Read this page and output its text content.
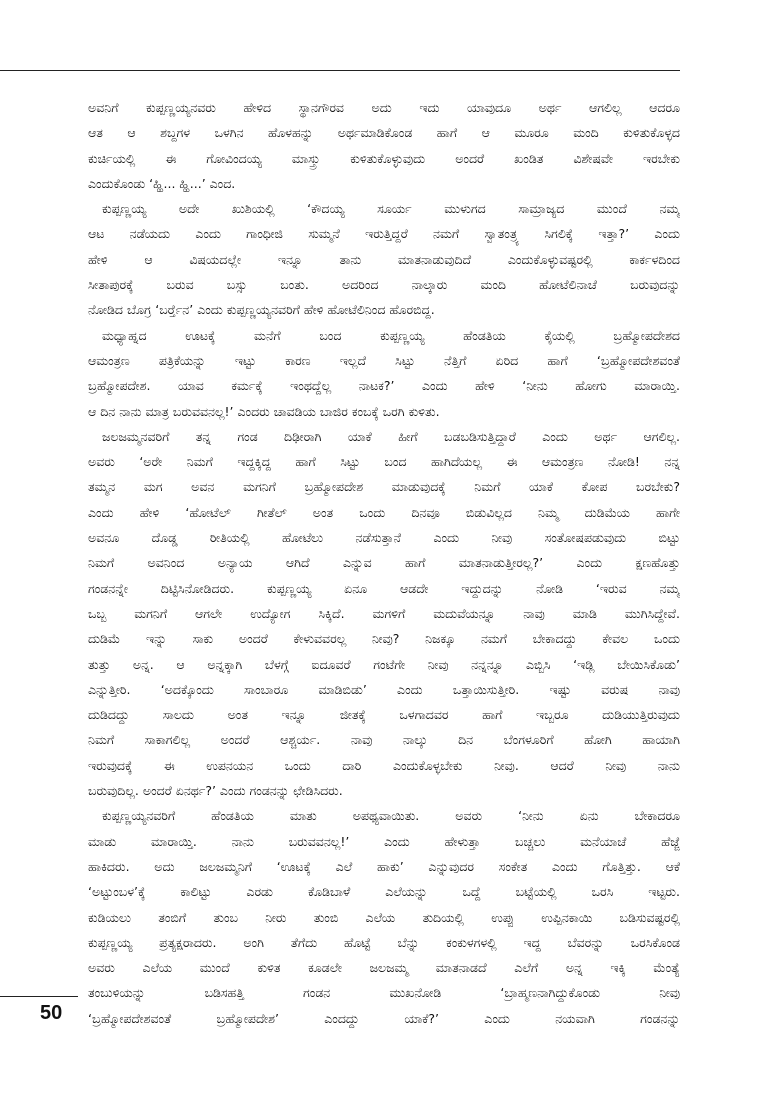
ಅವನಿಗೆ ಕುಪ್ಪಣ್ಣಯ್ಯನವರು ಹೇಳಿದ ಸ್ಥಾನಗೌರವ ಅದು ಇದು ಯಾವುದೂ ಅರ್ಥ ಆಗಲಿಲ್ಲ ಆದರೂ
ಆತ ಆ ಶಬ್ದಗಳ ಒಳಗಿನ ಹೊಳಹನ್ನು ಅರ್ಥಮಾಡಿಕೊಂಡ ಹಾಗೆ ಆ ಮೂರೂ ಮಂದಿ ಕುಳಿತುಕೊಳ್ಳದ
ಕುರ್ಚಿಯಲ್ಲಿ ಈ ಗೋವಿಂದಯ್ಯ ಮಾಸ್ತ್ರು ಕುಳಿತುಕೊಳ್ಳುವುದು ಅಂದರೆ ಖಂಡಿತ ವಿಶೇಷವೇ ಇರಬೇಕು
ಎಂದುಕೊಂಡು ‘ಹ್ಹಿ... ಹ್ಹಿ...’ ಎಂದ.
ಕುಪ್ಪಣ್ಣಯ್ಯ ಅದೇ ಖುಶಿಯಲ್ಲಿ ‘ಕೌದಯ್ಯ ಸೂರ್ಯ ಮುಳುಗದ ಸಾಮ್ರಾಜ್ಯದ ಮುಂದೆ ನಮ್ಮ
ಆಟ ನಡೆಯದು ಎಂದು ಗಾಂಧೀಜಿ ಸುಮ್ಮನೆ ಇರುತ್ತಿದ್ದರೆ ನಮಗೆ ಸ್ವಾತಂತ್ರ್ಯ ಸಿಗಲಿಕ್ಕೆ ಇತ್ತಾ?’ ಎಂದು
ಹೇಳಿ ಆ ವಿಷಯದಲ್ಲೇ ಇನ್ನೂ ತಾನು ಮಾತನಾಡುವುದಿದೆ ಎಂದುಕೊಳ್ಳುವಷ್ಟರಲ್ಲಿ ಕಾರ್ಕಳದಿಂದ
ಸೀತಾಪುರಕ್ಕೆ ಬರುವ ಬಸ್ಸು ಬಂತು. ಅದರಿಂದ ನಾಲ್ಕಾರು ಮಂದಿ ಹೋಟೆಲಿನಾಚೆ ಬರುವುದನ್ನು
ನೋಡಿದ ಬೊಗ್ರ ‘ಬರ್ರ್ತೆನ’ ಎಂದು ಕುಪ್ಪಣ್ಣಯ್ಯನವರಿಗೆ ಹೇಳಿ ಹೋಟೆಲಿನಿಂದ ಹೊರಬಿದ್ದ.
ಮಧ್ಯಾಹ್ನದ ಊಟಕ್ಕೆ ಮನೆಗೆ ಬಂದ ಕುಪ್ಪಣ್ಣಯ್ಯ ಹೆಂಡತಿಯ ಕೈಯಲ್ಲಿ ಬ್ರಹ್ಮೋಪದೇಶದ
ಆಮಂತ್ರಣ ಪತ್ರಿಕೆಯನ್ನು ಇಟ್ಟು ಕಾರಣ ಇಲ್ಲದೆ ಸಿಟ್ಟು ನೆತ್ತಿಗೆ ಏರಿದ ಹಾಗೆ ‘ಬ್ರಹ್ಮೋಪದೇಶವಂತೆ
ಬ್ರಹ್ಮೋಪದೇಶ. ಯಾವ ಕರ್ಮಕ್ಕೆ ಇಂಥದ್ದೆಲ್ಲ ನಾಟಕ?’ ಎಂದು ಹೇಳಿ ‘ನೀನು ಹೋಗು ಮಾರಾಯ್ತಿ.
ಆ ದಿನ ನಾನು ಮಾತ್ರ ಬರುವವನಲ್ಲ!’ ಎಂದರು ಚಾವಡಿಯ ಬಾಜಿರ ಕಂಬಕ್ಕೆ ಒರಗಿ ಕುಳಿತು.
ಜಲಜಮ್ಮನವರಿಗೆ ತನ್ನ ಗಂಡ ದಿಢೀರಾಗಿ ಯಾಕೆ ಹೀಗೆ ಬಡಬಡಿಸುತ್ತಿದ್ದಾರೆ ಎಂದು ಅರ್ಥ ಆಗಲಿಲ್ಲ.
ಅವರು ‘ಅರೇ ನಿಮಗೆ ಇದ್ದಕ್ಕಿದ್ದ ಹಾಗೆ ಸಿಟ್ಟು ಬಂದ ಹಾಗಿದೆಯಲ್ಲ ಈ ಆಮಂತ್ರಣ ನೋಡಿ! ನನ್ನ
ತಮ್ಮನ ಮಗ ಅವನ ಮಗನಿಗೆ ಬ್ರಹ್ಮೋಪದೇಶ ಮಾಡುವುದಕ್ಕೆ ನಿಮಗೆ ಯಾಕೆ ಕೋಪ ಬರಬೇಕು?
ಎಂದು ಹೇಳಿ ‘ಹೋಟೆಲ್ ಗೀತೆಲ್ ಅಂತ ಒಂದು ದಿನವೂ ಬಿಡುವಿಲ್ಲದ ನಿಮ್ಮ ದುಡಿಮೆಯ ಹಾಗೇ
ಅವನೂ ದೊಡ್ಡ ರೀತಿಯಲ್ಲಿ ಹೋಟೆಲು ನಡೆಸುತ್ತಾನೆ ಎಂದು ನೀವು ಸಂತೋಷಪಡುವುದು ಬಿಟ್ಟು
ನಿಮಗೆ ಅವನಿಂದ ಅನ್ಯಾಯ ಆಗಿದೆ ಎನ್ನುವ ಹಾಗೆ ಮಾತನಾಡುತ್ತೀರಲ್ಲ?’ ಎಂದು ಕ್ಷಣಹೊತ್ತು
ಗಂಡನನ್ನೇ ದಿಟ್ಟಿಸಿನೋಡಿದರು. ಕುಪ್ಪಣ್ಣಯ್ಯ ಏನೂ ಆಡದೇ ಇದ್ದುದನ್ನು ನೋಡಿ ‘ಇರುವ ನಮ್ಮ
ಒಬ್ಬ ಮಗನಿಗೆ ಆಗಲೇ ಉದ್ಯೋಗ ಸಿಕ್ಕಿದೆ. ಮಗಳಿಗೆ ಮದುವೆಯನ್ನೂ ನಾವು ಮಾಡಿ ಮುಗಿಸಿದ್ದೇವೆ.
ದುಡಿಮೆ ಇನ್ನು ಸಾಕು ಅಂದರೆ ಕೇಳುವವರಲ್ಲ ನೀವು? ನಿಜಕ್ಕೂ ನಮಗೆ ಬೇಕಾದದ್ದು ಕೇವಲ ಒಂದು
ತುತ್ತು ಅನ್ನ. ಆ ಅನ್ನಕ್ಕಾಗಿ ಬೆಳಗ್ಗೆ ಐದೂವರೆ ಗಂಟೆಗೇ ನೀವು ನನ್ನನ್ನೂ ಎಬ್ಬಿಸಿ ‘ಇಡ್ಲಿ ಬೇಯಿಸಿಕೊಡು’
ಎನ್ನುತ್ತೀರಿ. ‘ಅದಕ್ಕೊಂದು ಸಾಂಬಾರೂ ಮಾಡಿಬಿಡು’ ಎಂದು ಒತ್ತಾಯಿಸುತ್ತೀರಿ. ಇಷ್ಟು ವರುಷ ನಾವು
ದುಡಿದದ್ದು ಸಾಲದು ಅಂತ ಇನ್ನೂ ಜೀತಕ್ಕೆ ಒಳಗಾದವರ ಹಾಗೆ ಇಬ್ಬರೂ ದುಡಿಯುತ್ತಿರುವುದು
ನಿಮಗೆ ಸಾಕಾಗಲಿಲ್ಲ ಅಂದರೆ ಆಶ್ಚರ್ಯ. ನಾವು ನಾಲ್ಕು ದಿನ ಬೆಂಗಳೂರಿಗೆ ಹೋಗಿ ಹಾಯಾಗಿ
ಇರುವುದಕ್ಕೆ ಈ ಉಪನಯನ ಒಂದು ದಾರಿ ಎಂದುಕೊಳ್ಳಬೇಕು ನೀವು. ಆದರೆ ನೀವು ನಾನು
ಬರುವುದಿಲ್ಲ. ಅಂದರೆ ಏನರ್ಥ?’ ಎಂದು ಗಂಡನನ್ನು ಛೇಡಿಸಿದರು.
ಕುಪ್ಪಣ್ಣಯ್ಯನವರಿಗೆ ಹೆಂಡತಿಯ ಮಾತು ಅಪಥ್ಯವಾಯಿತು. ಅವರು ‘ನೀನು ಏನು ಬೇಕಾದರೂ
ಮಾಡು ಮಾರಾಯ್ತಿ. ನಾನು ಬರುವವನಲ್ಲ!’ ಎಂದು ಹೇಳುತ್ತಾ ಬಚ್ಚಲು ಮನೆಯಾಚೆ ಹೆಜ್ಜೆ
ಹಾಕಿದರು. ಅದು ಜಲಜಮ್ಮನಿಗೆ ‘ಊಟಕ್ಕೆ ಎಲೆ ಹಾಕು’ ಎನ್ನುವುದರ ಸಂಕೇತ ಎಂದು ಗೊತ್ತಿತ್ತು. ಆಕೆ
‘ಅಟ್ಟುಂಬಳ’ಕ್ಕೆ ಕಾಲಿಟ್ಟು ಎರಡು ಕೊಡಿಬಾಳೆ ಎಲೆಯನ್ನು ಒದ್ದೆ ಬಟ್ಟೆಯಲ್ಲಿ ಒರಸಿ ಇಟ್ಟರು.
ಕುಡಿಯಲು ತಂಬಿಗೆ ತುಂಬ ನೀರು ತುಂಬಿ ಎಲೆಯ ತುದಿಯಲ್ಲಿ ಉಪ್ಪು ಉಪ್ಪಿನಕಾಯಿ ಬಡಿಸುವಷ್ಟರಲ್ಲಿ
ಕುಪ್ಪಣ್ಣಯ್ಯ ಪ್ರತ್ಯಕ್ಷರಾದರು. ಅಂಗಿ ತೆಗೆದು ಹೊಟ್ಟೆ ಬೆನ್ನು ಕಂಕುಳಗಳಲ್ಲಿ ಇದ್ದ ಬೆವರನ್ನು ಒರಸಿಕೊಂಡ
ಅವರು ಎಲೆಯ ಮುಂದೆ ಕುಳಿತ ಕೂಡಲೇ ಜಲಜಮ್ಮ ಮಾತನಾಡದೆ ಎಲೆಗೆ ಅನ್ನ ಇಕ್ಕಿ ಮೆಂತ್ಯೆ
ತಂಬುಳಿಯನ್ನು ಬಡಿಸಹತ್ತಿ ಗಂಡನ ಮುಖನೋಡಿ ‘ಬ್ರಾಹ್ಮಣನಾಗಿದ್ದುಕೊಂಡು ನೀವು
‘ಬ್ರಹ್ಮೋಪದೇಶವಂತೆ ಬ್ರಹ್ಮೋಪದೇಶ’ ಎಂದದ್ದು ಯಾಕೆ?’ ಎಂದು ನಯವಾಗಿ ಗಂಡನನ್ನು
50
